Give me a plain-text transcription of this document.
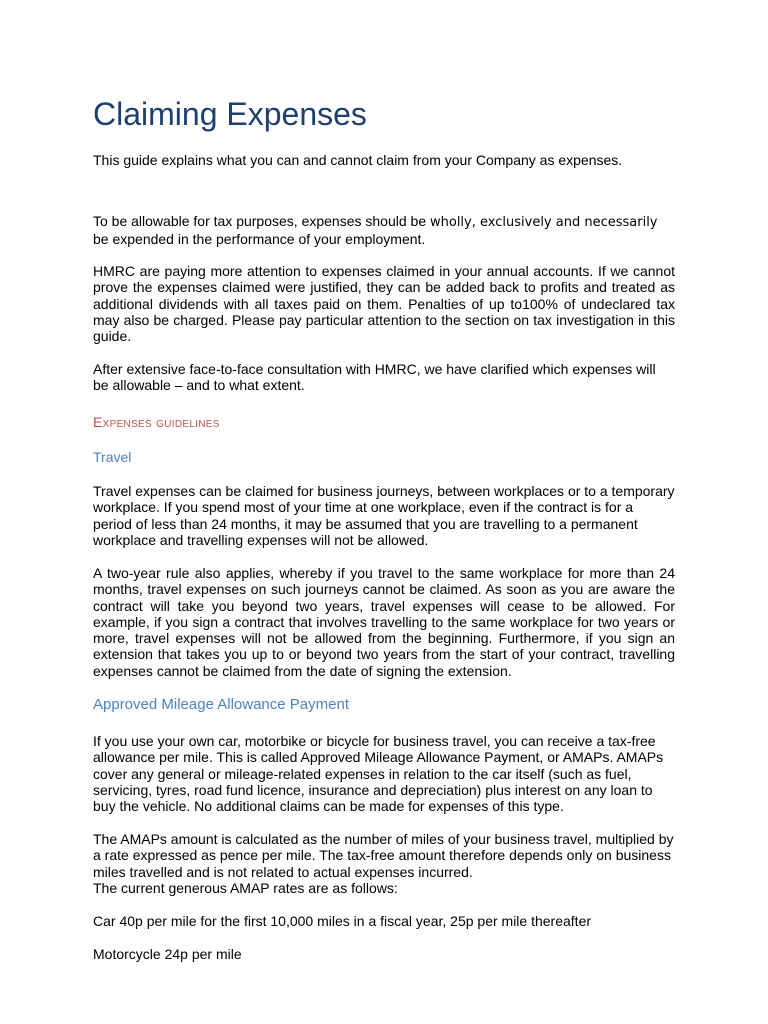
Claiming Expenses

This guide explains what you can and cannot claim from your Company as expenses.

To be allowable for tax purposes, expenses should be wholly, exclusively and necessarily
be expended in the performance of your employment.

HMRC are paying more attention to expenses claimed in your annual accounts. If we cannot prove the expenses claimed were justified, they can be added back to profits and treated as additional dividends with all taxes paid on them. Penalties of up to100% of undeclared tax may also be charged. Please pay particular attention to the section on tax investigation in this guide.

After extensive face-to-face consultation with HMRC, we have clarified which expenses will be allowable – and to what extent.

Expenses guidelines
Travel

Travel expenses can be claimed for business journeys, between workplaces or to a temporary workplace. If you spend most of your time at one workplace, even if the contract is for a period of less than 24 months, it may be assumed that you are travelling to a permanent workplace and travelling expenses will not be allowed.

A two-year rule also applies, whereby if you travel to the same workplace for more than 24 months, travel expenses on such journeys cannot be claimed. As soon as you are aware the contract will take you beyond two years, travel expenses will cease to be allowed. For example, if you sign a contract that involves travelling to the same workplace for two years or more, travel expenses will not be allowed from the beginning. Furthermore, if you sign an extension that takes you up to or beyond two years from the start of your contract, travelling expenses cannot be claimed from the date of signing the extension.

Approved Mileage Allowance Payment

If you use your own car, motorbike or bicycle for business travel, you can receive a tax-free allowance per mile. This is called Approved Mileage Allowance Payment, or AMAPs. AMAPs cover any general or mileage-related expenses in relation to the car itself (such as fuel, servicing, tyres, road fund licence, insurance and depreciation) plus interest on any loan to buy the vehicle. No additional claims can be made for expenses of this type.

The AMAPs amount is calculated as the number of miles of your business travel, multiplied by a rate expressed as pence per mile. The tax-free amount therefore depends only on business miles travelled and is not related to actual expenses incurred.
The current generous AMAP rates are as follows:

Car 40p per mile for the first 10,000 miles in a fiscal year, 25p per mile thereafter

Motorcycle 24p per mile
